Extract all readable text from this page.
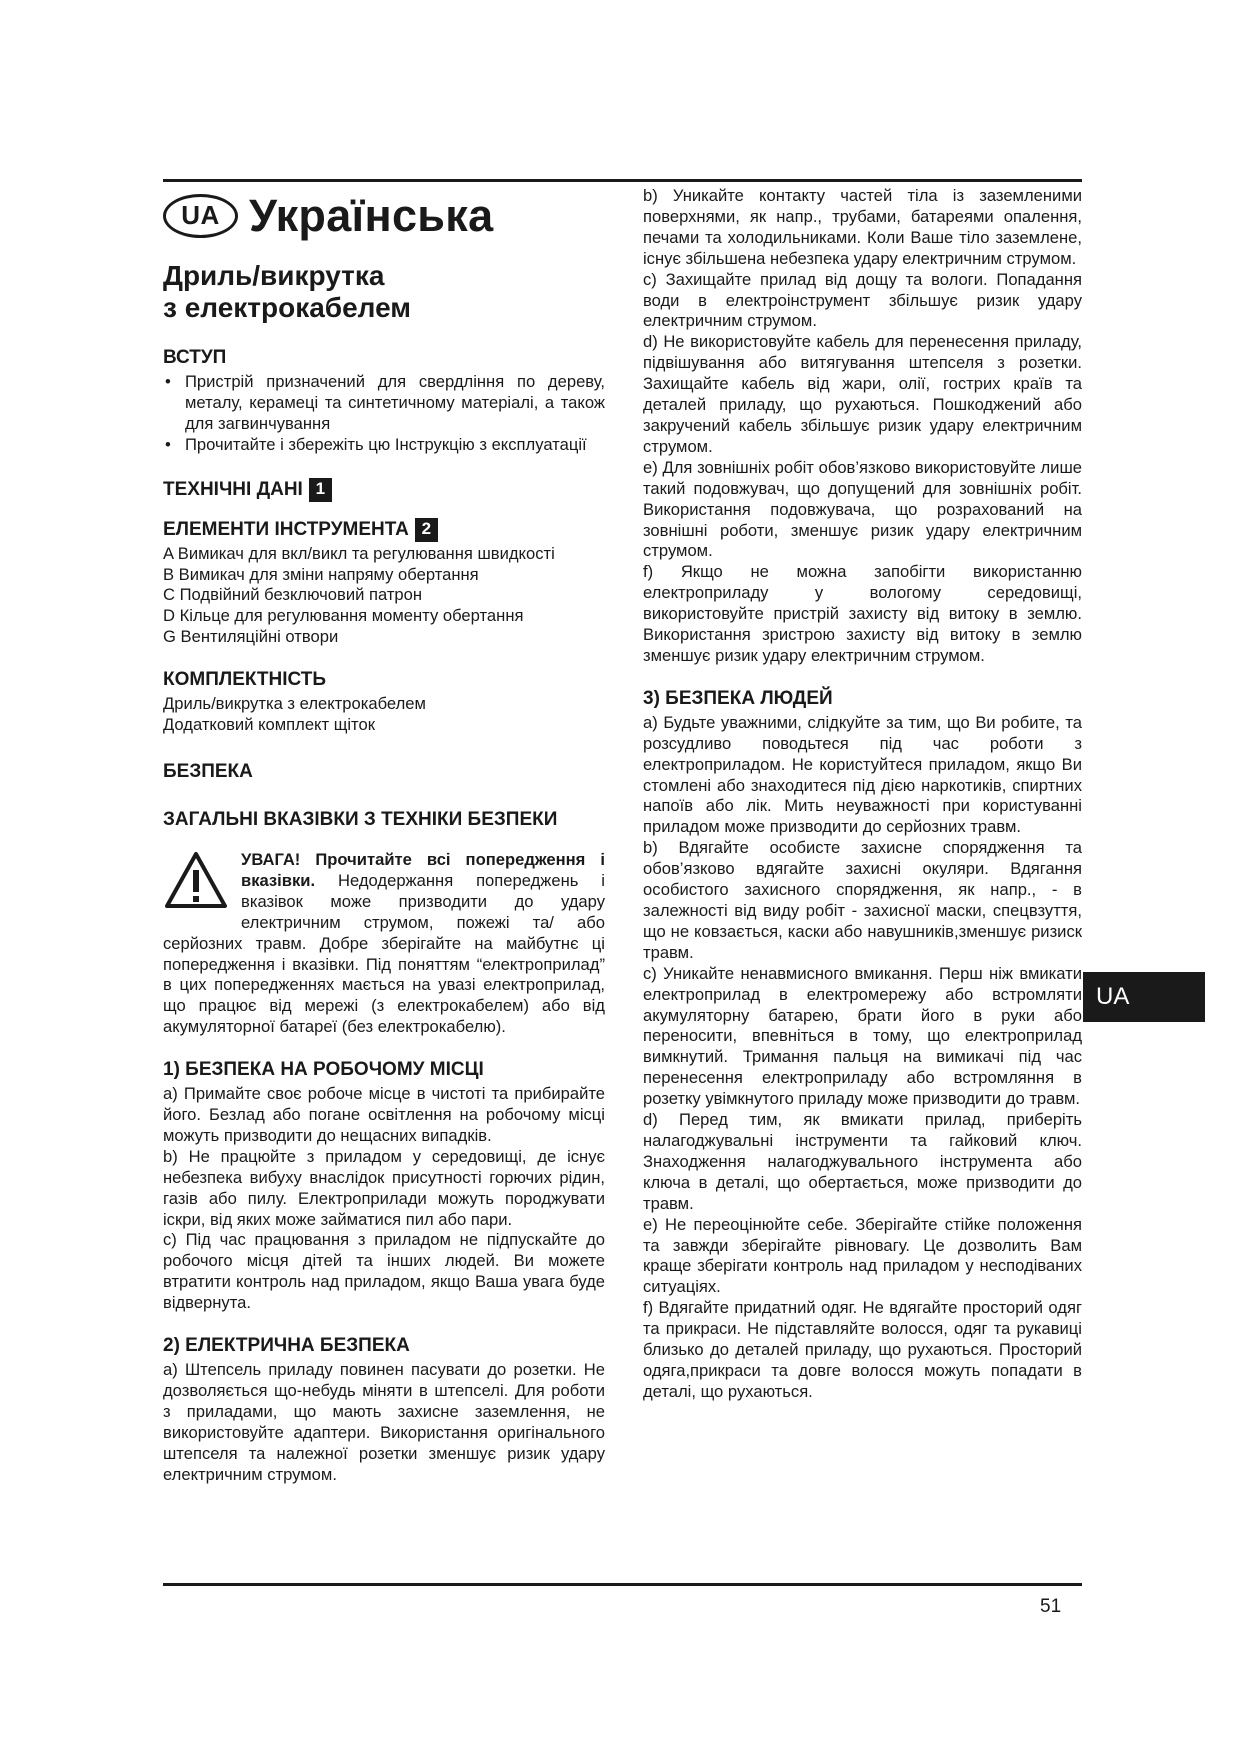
UA Українська
Дриль/викрутка
з електрокабелем
ВСТУП
• Пристрій призначений для свердління по дереву, металу, керамеці та синтетичному матеріалі, а також для загвинчування
• Прочитайте і збережіть цю Інструкцію з експлуатації
ТЕХНІЧНІ ДАНІ 1
ЕЛЕМЕНТИ ІНСТРУМЕНТА 2
A Вимикач для вкл/викл та регулювання швидкості
B Вимикач для зміни напряму обертання
C Подвійний безключовий патрон
D Кільце для регулювання моменту обертання
G Вентиляційні отвори
КОМПЛЕКТНІСТЬ
Дриль/викрутка з електрокабелем
Додатковий комплект щіток
БЕЗПЕКА
ЗАГАЛЬНІ ВКАЗІВКИ З ТЕХНІКИ БЕЗПЕКИ

УВАГА! Прочитайте всі попередження і вказівки. Недодержання попереджень і вказівок може призводити до удару електричним струмом, пожежі та/ або серйозних травм. Добре зберігайте на майбутнє ці попередження і вказівки. Під поняттям “електроприлад” в цих попередженнях мається на увазі електроприлад, що працює від мережі (з електрокабелем) або від акумуляторної батареї (без електрокабелю).

1) БЕЗПЕКА НА РОБОЧОМУ МІСЦІ

a) Примайте своє робоче місце в чистоті та прибирайте його. Безлад або погане освітлення на робочому місці можуть призводити до нещасних випадків.

b) Не працюйте з приладом у середовищі, де існує небезпека вибуху внаслідок присутності горючих рідин, газів або пилу. Електроприлади можуть породжувати іскри, від яких може займатися пил або пари.

c) Під час працювання з приладом не підпускайте до робочого місця дітей та інших людей. Ви можете втратити контроль над приладом, якщо Ваша увага буде відвернута.

2) ЕЛЕКТРИЧНА БЕЗПЕКА

a) Штепсель приладу повинен пасувати до розетки. Не дозволяється що-небудь міняти в штепселі. Для роботи з приладами, що мають захисне заземлення, не використовуйте адаптери. Використання оригінального штепселя та належної розетки зменшує ризик удару електричним струмом.

b) Уникайте контакту частей тіла із заземленими поверхнями, як напр., трубами, батареями опалення, печами та холодильниками. Коли Ваше тіло заземлене, існує збільшена небезпека удару електричним струмом.

c) Захищайте прилад від дощу та вологи. Попадання води в електроінструмент збільшує ризик удару електричним струмом.

d) Не використовуйте кабель для перенесення приладу, підвішування або витягування штепселя з розетки. Захищайте кабель від жари, олії, гострих країв та деталей приладу, що рухаються. Пошкоджений або закручений кабель збільшує ризик удару електричним струмом.

e) Для зовнішніх робіт обов’язково використовуйте лише такий подовжувач, що допущений для зовнішніх робіт. Використання подовжувача, що розрахований на зовнішні роботи, зменшує ризик удару електричним струмом.

f) Якщо не можна запобігти використанню електроприладу у вологому середовищі, використовуйте пристрій захисту від витоку в землю. Використання зристрою захисту від витоку в землю зменшує ризик удару електричним струмом.

3) БЕЗПЕКА ЛЮДЕЙ

a) Будьте уважними, слідкуйте за тим, що Ви робите, та розсудливо поводьтеся під час роботи з електроприладом. Не користуйтеся приладом, якщо Ви стомлені або знаходитеся під дією наркотиків, спиртних напоїв або лік. Мить неуважності при користуванні приладом може призводити до серйозних травм.

b) Вдягайте особисте захисне спорядження та обов’язково вдягайте захисні окуляри. Вдягання особистого захисного спорядження, як напр., - в залежності від виду робіт - захисної маски, спецвзуття, що не ковзається, каски або навушників,зменшує ризиск травм.

c) Уникайте ненавмисного вмикання. Перш ніж вмикати електроприлад в електромережу або встромляти акумуляторну батарею, брати його в руки або переносити, впевніться в тому, що електроприлад вимкнутий. Тримання пальця на вимикачі під час перенесення електроприладу або встромляння в розетку увімкнутого приладу може призводити до травм.

d) Перед тим, як вмикати прилад, приберіть налагоджувальні інструменти та гайковий ключ. Знаходження налагоджувального інструмента або ключа в деталі, що обертається, може призводити до травм.

e) Не переоцінюйте себе. Зберігайте стійке положення та завжди зберігайте рівновагу. Це дозволить Вам краще зберігати контроль над приладом у несподіваних ситуаціях.

f) Вдягайте придатний одяг. Не вдягайте просторий одяг та прикраси. Не підставляйте волосся, одяг та рукавиці близько до деталей приладу, що рухаються. Просторий одяга,прикраси та довге волосся можуть попадати в деталі, що рухаються.

UA
51
